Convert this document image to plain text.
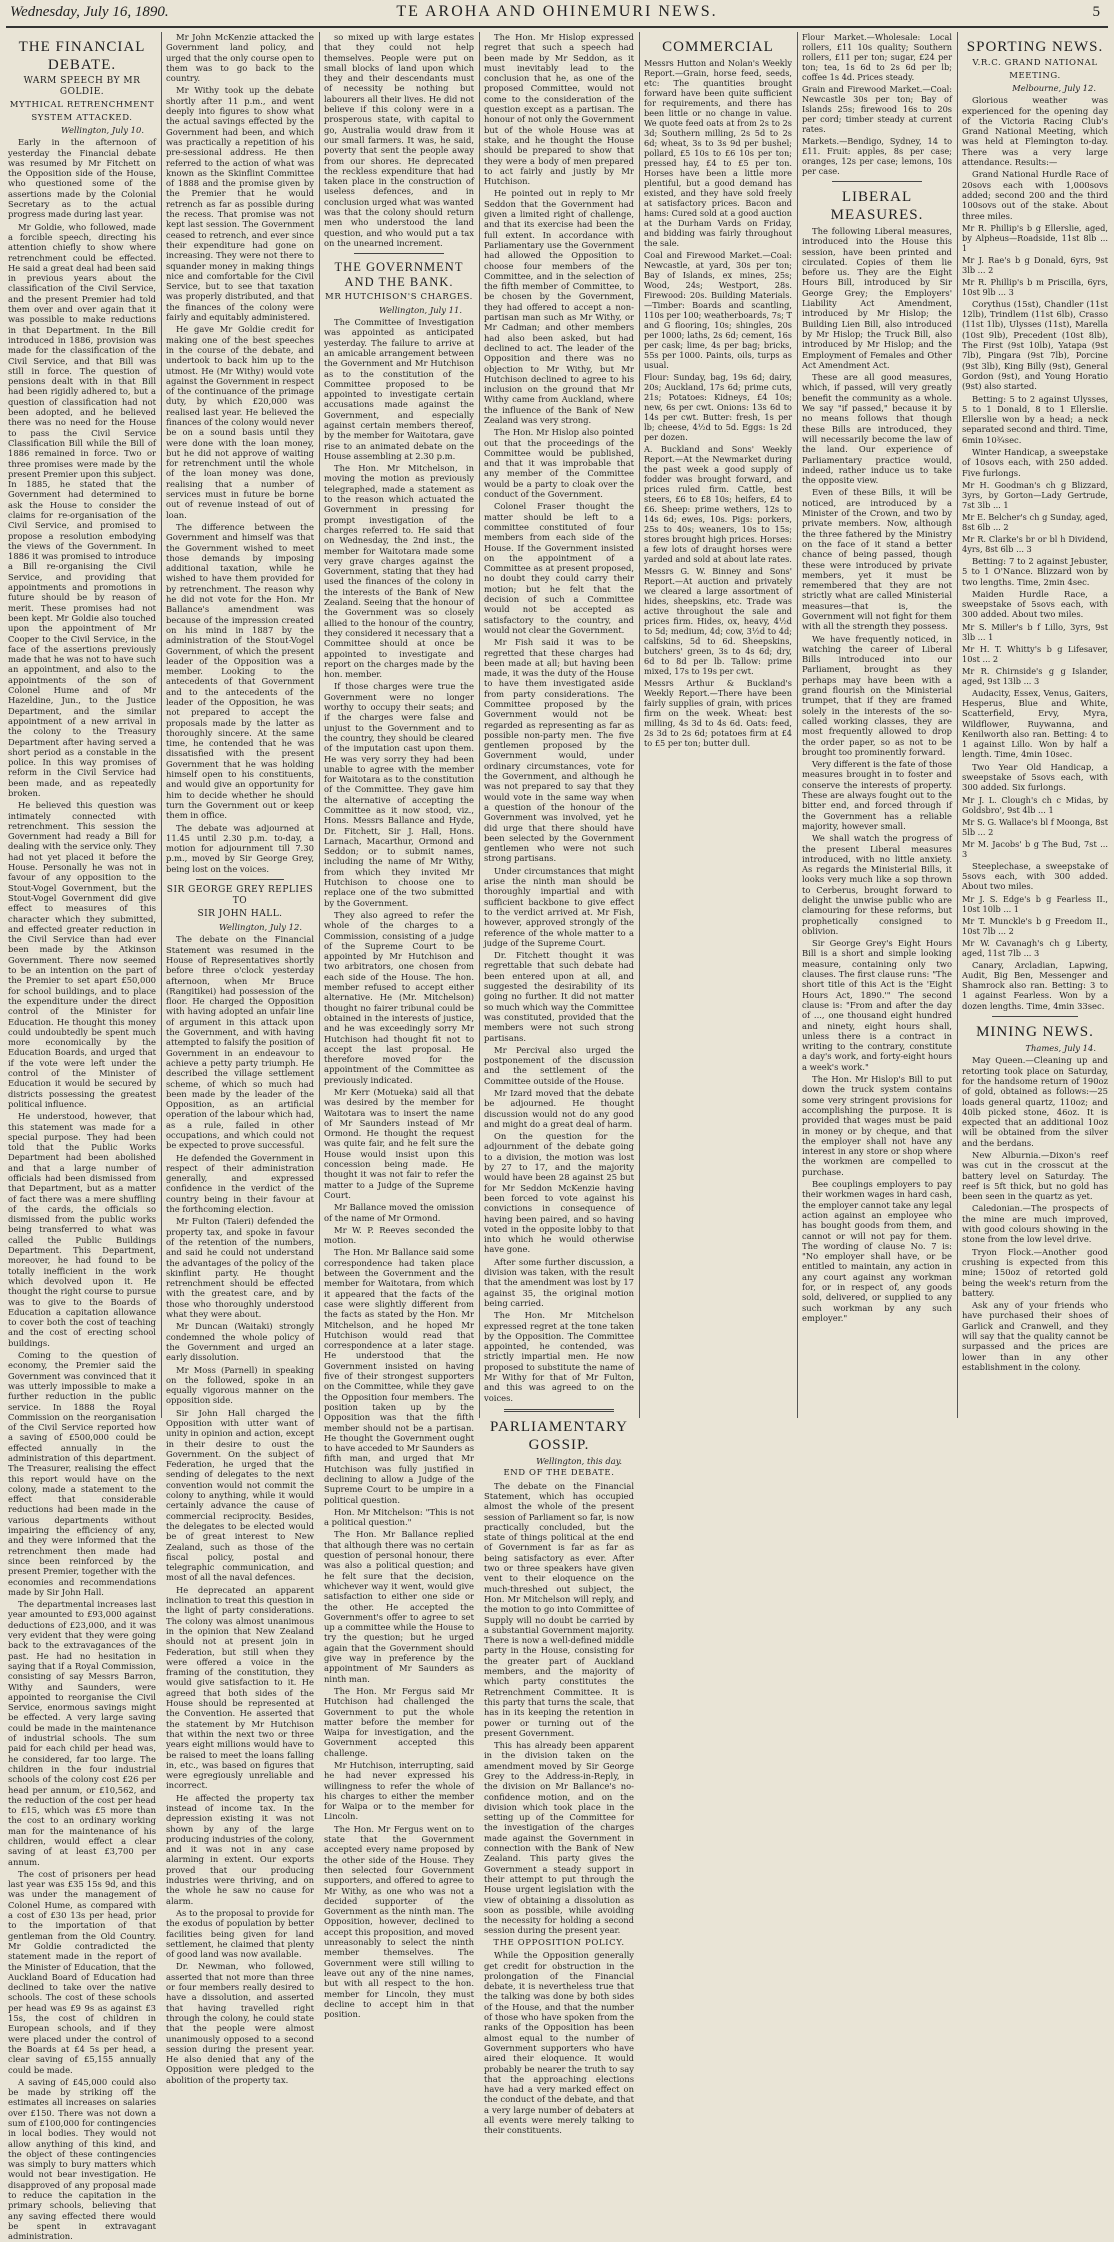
Wednesday, July 16, 1890.	TE AROHA AND OHINEMURI NEWS.	5
THE FINANCIAL DEBATE.
WARM SPEECH BY MR GOLDIE.
MYTHICAL RETRENCHMENT
SYSTEM ATTACKED.
Wellington, July 10.

Early in the afternoon of yesterday the Financial debate was resumed by Mr Fitchett on the Opposition side of the House, who questioned some of the assertions made by the Colonial Secretary as to the actual progress made during last year.

Mr Goldie, who followed, made a forcible speech, directing his attention chiefly to show where retrenchment could be effected. He said a great deal had been said in previous years about the classification of the Civil Service, and the present Premier had told them over and over again that it was possible to make reductions in that Department. In the Bill introduced in 1886, provision was made for the classification of the Civil Service, and that Bill was still in force. The question of pensions dealt with in that Bill had been rigidly adhered to, but a question of classification had not been adopted, and he believed there was no need for the House to pass the Civil Service Classification Bill while the Bill of 1886 remained in force. Two or three promises were made by the present Premier upon this subject. In 1885, he stated that the Government had determined to ask the House to consider the claims for re-organisation of the Civil Service, and promised to propose a resolution embodying the views of the Government. In 1886 it was promised to introduce a Bill re-organising the Civil Service, and providing that appointments and promotions in future should be by reason of merit. These promises had not been kept. Mr Goldie also touched upon the appointment of Mr Cooper to the Civil Service, in the face of the assertions previously made that he was not to have such an appointment, and also to the appointments of the son of Colonel Hume and of Mr Hazeldine, Jun., to the Justice Department, and the similar appointment of a new arrival in the colony to the Treasury Department after having served a short period as a constable in the police. In this way promises of reform in the Civil Service had been made, and as repeatedly broken.

He believed this question was intimately connected with retrenchment. This session the Government had ready a Bill for dealing with the service only. They had not yet placed it before the House. Personally he was not in favour of any opposition to the Stout-Vogel Government, but the Stout-Vogel Government did give effect to measures of this character which they submitted, and effected greater reduction in the Civil Service than had ever been made by the Atkinson Government. There now seemed to be an intention on the part of the Premier to set apart £50,000 for school buildings, and to place the expenditure under the direct control of the Minister for Education. He thought this money could undoubtedly be spent much more economically by the Education Boards, and urged that if the vote were left under the control of the Minister of Education it would be secured by districts possessing the greatest political influence.

He understood, however, that this statement was made for a special purpose. They had been told that the Public Works Department had been abolished and that a large number of officials had been dismissed from that Department, but as a matter of fact there was a mere shuffling of the cards, the officials so dismissed from the public works being transferred to what was called the Public Buildings Department. This Department, moreover, he had found to be totally inefficient in the work which devolved upon it. He thought the right course to pursue was to give to the Boards of Education a capitation allowance to cover both the cost of teaching and the cost of erecting school buildings.

Coming to the question of economy, the Premier said the Government was convinced that it was utterly impossible to make a further reduction in the public service. In 1888 the Royal Commission on the reorganisation of the Civil Service reported how a saving of £500,000 could be effected annually in the administration of this department. The Treasurer, realising the effect this report would have on the colony, made a statement to the effect that considerable reductions had been made in the various departments without impairing the efficiency of any, and they were informed that the retrenchment then made had since been reinforced by the present Premier, together with the economies and recommendations made by Sir John Hall.

The departmental increases last year amounted to £93,000 against deductions of £23,000, and it was very evident that they were going back to the extravagances of the past. He had no hesitation in saying that if a Royal Commission, consisting of say Messrs Barron, Withy and Saunders, were appointed to reorganise the Civil Service, enormous savings might be effected. A very large saving could be made in the maintenance of industrial schools. The sum paid for each child per head was, he considered, far too large. The children in the four industrial schools of the colony cost £26 per head per annum, or £10,562, and the reduction of the cost per head to £15, which was £5 more than the cost to an ordinary working man for the maintenance of his children, would effect a clear saving of at least £3,700 per annum.

The cost of prisoners per head last year was £35 15s 9d, and this was under the management of Colonel Hume, as compared with a cost of £30 13s per head, prior to the importation of that gentleman from the Old Country. Mr Goldie contradicted the statement made in the report of the Minister of Education, that the Auckland Board of Education had declined to take over the native schools. The cost of these schools per head was £9 9s as against £3 15s, the cost of children in European schools, and if they were placed under the control of the Boards at £4 5s per head, a clear saving of £5,155 annually could be made.

A saving of £45,000 could also be made by striking off the estimates all increases on salaries over £150. There was not down a sum of £100,000 for contingencies in local bodies. They would not allow anything of this kind, and the object of these contingencies was simply to bury matters which would not bear investigation. He disapproved of any proposal made to reduce the capitation in the primary schools, believing that any saving effected there would be spent in extravagant administration.

Mr John McKenzie attacked the Government land policy, and urged that the only course open to them was to go back to the country.

Mr Withy took up the debate shortly after 11 p.m., and went deeply into figures to show what the actual savings effected by the Government had been, and which was practically a repetition of his pre-sessional address. He then referred to the action of what was known as the Skinflint Committee of 1888 and the promise given by the Premier that he would retrench as far as possible during the recess. That promise was not kept last session. The Government ceased to retrench, and ever since their expenditure had gone on increasing. They were not there to squander money in making things nice and comfortable for the Civil Service, but to see that taxation was properly distributed, and that the finances of the colony were fairly and equitably administered.

He gave Mr Goldie credit for making one of the best speeches in the course of the debate, and undertook to back him up to the utmost. He (Mr Withy) would vote against the Government in respect of the continuance of the primage duty, by which £20,000 was realised last year. He believed the finances of the colony would never be on a sound basis until they were done with the loan money, but he did not approve of waiting for retrenchment until the whole of the loan money was done, realising that a number of services must in future be borne out of revenue instead of out of loan.

The difference between the Government and himself was that the Government wished to meet those demands by imposing additional taxation, while he wished to have them provided for by retrenchment. The reason why he did not vote for the Hon. Mr Ballance's amendment was because of the impression created on his mind in 1887 by the administration of the Stout-Vogel Government, of which the present leader of the Opposition was a member. Looking to the antecedents of that Government and to the antecedents of the leader of the Opposition, he was not prepared to accept the proposals made by the latter as thoroughly sincere. At the same time, he contended that he was dissatisfied with the present Government that he was holding himself open to his constituents, and would give an opportunity for him to decide whether he should turn the Government out or keep them in office.

The debate was adjourned at 11.45 until 2.30 p.m. to-day, a motion for adjournment till 7.30 p.m., moved by Sir George Grey, being lost on the voices.

SIR GEORGE GREY REPLIES TO
SIR JOHN HALL.
Wellington, July 12.

The debate on the Financial Statement was resumed in the House of Representatives shortly before three o'clock yesterday afternoon, when Mr Bruce (Rangitikei) had possession of the floor. He charged the Opposition with having adopted an unfair line of argument in this attack upon the Government, and with having attempted to falsify the position of Government in an endeavour to achieve a petty party triumph. He described the village settlement scheme, of which so much had been made by the leader of the Opposition, as an artificial operation of the labour which had, as a rule, failed in other occupations, and which could not be expected to prove successful.

He defended the Government in respect of their administration generally, and expressed confidence in the verdict of the country being in their favour at the forthcoming election.

Mr Fulton (Taieri) defended the property tax, and spoke in favour of the retention of the numbers, and said he could not understand the advantages of the policy of the skinflint party. He thought retrenchment should be effected with the greatest care, and by those who thoroughly understood what they were about.

Mr Duncan (Waitaki) strongly condemned the whole policy of the Government and urged an early dissolution.

Mr Moss (Parnell) in speaking on the followed, spoke in an equally vigorous manner on the opposition side.

Sir John Hall charged the Opposition with utter want of unity in opinion and action, except in their desire to oust the Government. On the subject of Federation, he urged that the sending of delegates to the next convention would not commit the colony to anything, while it would certainly advance the cause of commercial reciprocity. Besides, the delegates to be elected would be of great interest to New Zealand, such as those of the fiscal policy, postal and telegraphic communication, and most of all the naval defences.

He deprecated an apparent inclination to treat this question in the light of party considerations. The colony was almost unanimous in the opinion that New Zealand should not at present join in Federation, but still when they were offered a voice in the framing of the constitution, they would give satisfaction to it. He agreed that both sides of the House should be represented at the Convention. He asserted that the statement by Mr Hutchison that within the next two or three years eight millions would have to be raised to meet the loans falling in, etc., was based on figures that were egregiously unreliable and incorrect.

He affected the property tax instead of income tax. In the depression existing it was not shown by any of the large producing industries of the colony, and it was not in any case alarming in extent. Our exports proved that our producing industries were thriving, and on the whole he saw no cause for alarm.

As to the proposal to provide for the exodus of population by better facilities being given for land settlement, he claimed that plenty of good land was now available.

Dr. Newman, who followed, asserted that not more than three or four members really desired to have a dissolution, and asserted that having travelled right through the colony, he could state that the people were almost unanimously opposed to a second session during the present year. He also denied that any of the Opposition were pledged to the abolition of the property tax.

so mixed up with large estates that they could not help themselves. People were put on small blocks of land upon which they and their descendants must of necessity be nothing but labourers all their lives. He did not believe if this colony were in a prosperous state, with capital to go, Australia would draw from it our small farmers. It was, he said, poverty that sent the people away from our shores. He deprecated the reckless expenditure that had taken place in the construction of useless defences, and in conclusion urged what was wanted was that the colony should return men who understood the land question, and who would put a tax on the unearned increment.

THE GOVERNMENT AND THE BANK.
MR HUTCHISON'S CHARGES.
Wellington, July 11.

The Committee of Investigation was appointed as anticipated yesterday. The failure to arrive at an amicable arrangement between the Government and Mr Hutchison as to the constitution of the Committee proposed to be appointed to investigate certain accusations made against the Government, and especially against certain members thereof, by the member for Waitotara, gave rise to an animated debate on the House assembling at 2.30 p.m.

The Hon. Mr Mitchelson, in moving the motion as previously telegraphed, made a statement as to the reason which actuated the Government in pressing for prompt investigation of the charges referred to. He said that on Wednesday, the 2nd inst., the member for Waitotara made some very grave charges against the Government, stating that they had used the finances of the colony in the interests of the Bank of New Zealand. Seeing that the honour of the Government was so closely allied to the honour of the country, they considered it necessary that a Committee should at once be appointed to investigate and report on the charges made by the hon. member.

If those charges were true the Government were no longer worthy to occupy their seats; and if the charges were false and unjust to the Government and to the country, they should be cleared of the imputation cast upon them. He was very sorry they had been unable to agree with the member for Waitotara as to the constitution of the Committee. They gave him the alternative of accepting the Committee as it now stood, viz., Hons. Messrs Ballance and Hyde, Dr. Fitchett, Sir J. Hall, Hons. Larnach, Macarthur, Ormond and Seddon; or to submit names, including the name of Mr Withy, from which they invited Mr Hutchison to choose one to replace one of the two submitted by the Government.

They also agreed to refer the whole of the charges to a Commission, consisting of a judge of the Supreme Court to be appointed by Mr Hutchison and two arbitrators, one chosen from each side of the House. The hon. member refused to accept either alternative. He (Mr. Mitchelson) thought no fairer tribunal could be obtained in the interests of justice, and he was exceedingly sorry Mr Hutchison had thought fit not to accept the last proposal. He therefore moved for the appointment of the Committee as previously indicated.

Mr Kerr (Motueka) said all that was desired by the member for Waitotara was to insert the name of Mr Saunders instead of Mr Ormond. He thought the request was quite fair, and he felt sure the House would insist upon this concession being made. He thought it was not fair to refer the matter to a Judge of the Supreme Court.

Mr Ballance moved the omission of the name of Mr Ormond.

Mr W. P. Reeves seconded the motion.

The Hon. Mr Ballance said some correspondence had taken place between the Government and the member for Waitotara, from which it appeared that the facts of the case were slightly different from the facts as stated by the Hon. Mr Mitchelson, and he hoped Mr Hutchison would read that correspondence at a later stage. He understood that the Government insisted on having five of their strongest supporters on the Committee, while they gave the Opposition four members. The position taken up by the Opposition was that the fifth member should not be a partisan. He thought the Government ought to have acceded to Mr Saunders as fifth man, and urged that Mr Hutchison was fully justified in declining to allow a Judge of the Supreme Court to be umpire in a political question.

Hon. Mr Mitchelson: "This is not a political question."

The Hon. Mr Ballance replied that although there was no certain question of personal honour, there was also a political question; and he felt sure that the decision, whichever way it went, would give satisfaction to either one side or the other. He accepted the Government's offer to agree to set up a committee while the House to try the question; but he urged again that the Government should give way in preference by the appointment of Mr Saunders as ninth man.

The Hon. Mr Fergus said Mr Hutchison had challenged the Government to put the whole matter before the member for Waipa for investigation, and the Government accepted this challenge.

Mr Hutchison, interrupting, said he had never expressed his willingness to refer the whole of his charges to either the member for Waipa or to the member for Lincoln.

The Hon. Mr Fergus went on to state that the Government accepted every name proposed by the other side of the House. They then selected four Government supporters, and offered to agree to Mr Withy, as one who was not a decided supporter of the Government as the ninth man. The Opposition, however, declined to accept this proposition, and moved unreasonably to select the ninth member themselves. The Government were still willing to leave out any of the nine names, but with all respect to the hon. member for Lincoln, they must decline to accept him in that position.

The Hon. Mr Hislop expressed regret that such a speech had been made by Mr Seddon, as it must inevitably lead to the conclusion that he, as one of the proposed Committee, would not come to the consideration of the question except as a partisan. The honour of not only the Government but of the whole House was at stake, and he thought the House should be prepared to show that they were a body of men prepared to act fairly and justly by Mr Hutchison.

He pointed out in reply to Mr Seddon that the Government had given a limited right of challenge, and that its exercise had been the full extent. In accordance with Parliamentary use the Government had allowed the Opposition to choose four members of the Committee, and in the selection of the fifth member of Committee, to be chosen by the Government, they had offered to accept a non-partisan man such as Mr Withy, or Mr Cadman; and other members had also been asked, but had declined to act. The leader of the Opposition and there was no objection to Mr Withy, but Mr Hutchison declined to agree to his inclusion on the ground that Mr Withy came from Auckland, where the influence of the Bank of New Zealand was very strong.

The Hon. Mr Hislop also pointed out that the proceedings of the Committee would be published, and that it was improbable that any member of the Committee would be a party to cloak over the conduct of the Government.

Colonel Fraser thought the matter should be left to a committee constituted of four members from each side of the House. If the Government insisted on the appointment of a Committee as at present proposed, no doubt they could carry their motion; but he felt that the decision of such a Committee would not be accepted as satisfactory to the country, and would not clear the Government.

Mr Fish said it was to be regretted that these charges had been made at all; but having been made, it was the duty of the House to have them investigated aside from party considerations. The Committee proposed by the Government would not be regarded as representing as far as possible non-party men. The five gentlemen proposed by the Government would, under ordinary circumstances, vote for the Government, and although he was not prepared to say that they would vote in the same way when a question of the honour of the Government was involved, yet he did urge that there should have been selected by the Government gentlemen who were not such strong partisans.

Under circumstances that might arise the ninth man should be thoroughly impartial and with sufficient backbone to give effect to the verdict arrived at. Mr Fish, however, approved strongly of the reference of the whole matter to a judge of the Supreme Court.

Dr. Fitchett thought it was regrettable that such debate had been entered upon at all, and suggested the desirability of its going no further. It did not matter so much which way the Committee was constituted, provided that the members were not such strong partisans.

Mr Percival also urged the postponement of the discussion and the settlement of the Committee outside of the House.

Mr Izard moved that the debate be adjourned. He thought discussion would not do any good and might do a great deal of harm.

On the question for the adjournment of the debate going to a division, the motion was lost by 27 to 17, and the majority would have been 28 against 25 but for Mr Seddon McKenzie having been forced to vote against his convictions in consequence of having been paired, and so having voted in the opposite lobby to that into which he would otherwise have gone.

After some further discussion, a division was taken, with the result that the amendment was lost by 17 against 35, the original motion being carried.

The Hon. Mr Mitchelson expressed regret at the tone taken by the Opposition. The Committee appointed, he contended, was strictly impartial men. He now proposed to substitute the name of Mr Withy for that of Mr Fulton, and this was agreed to on the voices.

PARLIAMENTARY GOSSIP.
Wellington, this day.
END OF THE DEBATE.

The debate on the Financial Statement, which has occupied almost the whole of the present session of Parliament so far, is now practically concluded, but the state of things political at the end of Government is far as far as being satisfactory as ever. After two or three speakers have given vent to their eloquence on the much-threshed out subject, the Hon. Mr Mitchelson will reply, and the motion to go into Committee of Supply will no doubt be carried by a substantial Government majority. There is now a well-defined middle party in the House, consisting for the greater part of Auckland members, and the majority of which party constitutes the Retrenchment Committee. It is this party that turns the scale, that has in its keeping the retention in power or turning out of the present Government.

This has already been apparent in the division taken on the amendment moved by Sir George Grey to the Address-in-Reply, in the division on Mr Ballance's no-confidence motion, and on the division which took place in the setting up of the Committee for the investigation of the charges made against the Government in connection with the Bank of New Zealand. This party gives the Government a steady support in their attempt to put through the House urgent legislation with the view of obtaining a dissolution as soon as possible, while avoiding the necessity for holding a second session during the present year.

THE OPPOSITION POLICY.

While the Opposition generally get credit for obstruction in the prolongation of the Financial debate, it is nevertheless true that the talking was done by both sides of the House, and that the number of those who have spoken from the ranks of the Opposition has been almost equal to the number of Government supporters who have aired their eloquence. It would probably be nearer the truth to say that the approaching elections have had a very marked effect on the conduct of the debate, and that a very large number of debaters at all events were merely talking to their constituents.

COMMERCIAL

Messrs Hutton and Nolan's Weekly Report.—Grain, horse feed, seeds, etc: The quantities brought forward have been quite sufficient for requirements, and there has been little or no change in value. We quote feed oats at from 2s to 2s 3d; Southern milling, 2s 5d to 2s 6d; wheat, 3s to 3s 9d per bushel; pollard, £5 10s to £6 10s per ton; pressed hay, £4 to £5 per ton. Horses have been a little more plentiful, but a good demand has existed, and they have sold freely at satisfactory prices. Bacon and hams: Cured sold at a good auction at the Durham Vards on Friday, and bidding was fairly throughout the sale.

Coal and Firewood Market.—Coal: Newcastle, at yard, 30s per ton; Bay of Islands, ex mines, 25s; Wood, 24s; Westport, 28s. Firewood: 20s. Building Materials.—Timber: Boards and scantling, 110s per 100; weatherboards, 7s; T and G flooring, 10s; shingles, 20s per 1000; laths, 2s 6d; cement, 16s per cask; lime, 4s per bag; bricks, 55s per 1000. Paints, oils, turps as usual.

Flour: Sunday, bag, 19s 6d; dairy, 20s; Auckland, 17s 6d; prime cuts, 21s; Potatoes: Kidneys, £4 10s; new, 6s per cwt. Onions: 13s 6d to 14s per cwt. Butter: fresh, 1s per lb; cheese, 4½d to 5d. Eggs: 1s 2d per dozen.

A. Buckland and Sons' Weekly Report.—At the Newmarket during the past week a good supply of fodder was brought forward, and prices ruled firm. Cattle, best steers, £6 to £8 10s; heifers, £4 to £6. Sheep: prime wethers, 12s to 14s 6d; ewes, 10s. Pigs: porkers, 25s to 40s; weaners, 10s to 15s; stores brought high prices. Horses: a few lots of draught horses were yarded and sold at about late rates.

Messrs G. W. Binney and Sons' Report.—At auction and privately we cleared a large assortment of hides, sheepskins, etc. Trade was active throughout the sale and prices firm. Hides, ox, heavy, 4½d to 5d; medium, 4d; cow, 3½d to 4d; calfskins, 5d to 6d. Sheepskins, butchers' green, 3s to 4s 6d; dry, 6d to 8d per lb. Tallow: prime mixed, 17s to 19s per cwt.

Messrs Arthur & Buckland's Weekly Report.—There have been fairly supplies of grain, with prices firm on the week. Wheat: best milling, 4s 3d to 4s 6d. Oats: feed, 2s 3d to 2s 6d; potatoes firm at £4 to £5 per ton; butter dull.

Flour Market.—Wholesale: Local rollers, £11 10s quality; Southern rollers, £11 per ton; sugar, £24 per ton; tea, 1s 6d to 2s 6d per lb; coffee 1s 4d. Prices steady.

Grain and Firewood Market.—Coal: Newcastle 30s per ton; Bay of Islands 25s; firewood 16s to 20s per cord; timber steady at current rates.

Markets.—Bendigo, Sydney, 14 to £11. Fruit: apples, 8s per case; oranges, 12s per case; lemons, 10s per case.

LIBERAL MEASURES.

The following Liberal measures, introduced into the House this session, have been printed and circulated. Copies of them lie before us. They are the Eight Hours Bill, introduced by Sir George Grey; the Employers' Liability Act Amendment, introduced by Mr Hislop; the Building Lien Bill, also introduced by Mr Hislop; the Truck Bill, also introduced by Mr Hislop; and the Employment of Females and Other Act Amendment Act.

These are all good measures, which, if passed, will very greatly benefit the community as a whole. We say "if passed," because it by no means follows that though these Bills are introduced, they will necessarily become the law of the land. Our experience of Parliamentary practice would, indeed, rather induce us to take the opposite view.

Even of these Bills, it will be noticed, are introduced by a Minister of the Crown, and two by private members. Now, although the three fathered by the Ministry on the face of it stand a better chance of being passed, though these were introduced by private members, yet it must be remembered that they are not strictly what are called Ministerial measures—that is, the Government will not fight for them with all the strength they possess.

We have frequently noticed, in watching the career of Liberal Bills introduced into our Parliament, brought as they perhaps may have been with a grand flourish on the Ministerial trumpet, that if they are framed solely in the interests of the so-called working classes, they are most frequently allowed to drop the order paper, so as not to be brought too prominently forward.

Very different is the fate of those measures brought in to foster and conserve the interests of property. These are always fought out to the bitter end, and forced through if the Government has a reliable majority, however small.

We shall watch the progress of the present Liberal measures introduced, with no little anxiety. As regards the Ministerial Bills, it looks very much like a sop thrown to Cerberus, brought forward to delight the unwise public who are clamouring for these reforms, but prophetically consigned to oblivion.

Sir George Grey's Eight Hours Bill is a short and simple looking measure, containing only two clauses. The first clause runs: "The short title of this Act is the 'Eight Hours Act, 1890.'" The second clause is: "From and after the day of ..., one thousand eight hundred and ninety, eight hours shall, unless there is a contract in writing to the contrary, constitute a day's work, and forty-eight hours a week's work."

The Hon. Mr Hislop's Bill to put down the truck system contains some very stringent provisions for accomplishing the purpose. It is provided that wages must be paid in money or by cheque, and that the employer shall not have any interest in any store or shop where the workmen are compelled to purchase.

Bee couplings employers to pay their workmen wages in hard cash, the employer cannot take any legal action against an employee who has bought goods from them, and cannot or will not pay for them. The wording of clause No. 7 is: "No employer shall have, or be entitled to maintain, any action in any court against any workman for, or in respect of, any goods sold, delivered, or supplied to any such workman by any such employer."

SPORTING NEWS.
V.R.C. GRAND NATIONAL
MEETING.
Melbourne, July 12.

Glorious weather was experienced for the opening day of the Victoria Racing Club's Grand National Meeting, which was held at Flemington to-day. There was a very large attendance. Results:—

Grand National Hurdle Race of 20sovs each with 1,000sovs added; second 200 and the third 100sovs out of the stake. About three miles.

Mr R. Phillip's b g Ellerslie, aged, by Alpheus—Roadside, 11st 8lb ... 1

Mr J. Rae's b g Donald, 6yrs, 9st 3lb ... 2

Mr R. Phillip's b m Priscilla, 6yrs, 10st 9lb ... 3

Corythus (15st), Chandler (11st 12lb), Trindlem (11st 6lb), Crasso (11st 1lb), Ulysses (11st), Marella (10st 9lb), Precedent (10st 8lb), The First (9st 10lb), Yatapa (9st 7lb), Pingara (9st 7lb), Porcine (9st 3lb), King Billy (9st), General Gordon (9st), and Young Horatio (9st) also started.

Betting: 5 to 2 against Ulysses, 5 to 1 Donald, 8 to 1 Ellerslie. Ellerslie won by a head; a neck separated second and third. Time, 6min 10¾sec.

Winter Handicap, a sweepstake of 10sovs each, with 250 added. Five furlongs.

Mr H. Goodman's ch g Blizzard, 3yrs, by Gorton—Lady Gertrude, 7st 3lb ... 1

Mr E. Belcher's ch g Sunday, aged, 8st 6lb ... 2

Mr R. Clarke's br or bl h Dividend, 4yrs, 8st 6lb ... 3

Betting: 7 to 2 against Jebuster, 5 to 1 O'Nance. Blizzard won by two lengths. Time, 2min 4sec.

Maiden Hurdle Race, a sweepstake of 5sovs each, with 300 added. About two miles.

Mr S. Miller's b f Lillo, 3yrs, 9st 3lb ... 1

Mr H. T. Whitty's b g Lifesaver, 10st ... 2

Mr R. Chirnside's g g Islander, aged, 9st 13lb ... 3

Audacity, Essex, Venus, Gaiters, Hesperus, Blue and White, Scatterfield, Ervy, Myra, Wildflower, Ruywanna, and Kenilworth also ran. Betting: 4 to 1 against Lillo. Won by half a length. Time, 4min 10sec.

Two Year Old Handicap, a sweepstake of 5sovs each, with 300 added. Six furlongs.

Mr J. L. Clough's ch c Midas, by Goldsbro', 9st 4lb ... 1

Mr S. G. Wallace's bl f Moonga, 8st 5lb ... 2

Mr M. Jacobs' b g The Bud, 7st ... 3

Steeplechase, a sweepstake of 5sovs each, with 300 added. About two miles.

Mr J. S. Edge's b g Fearless II., 10st 10lb ... 1

Mr T. Munckle's b g Freedom II., 10st 7lb ... 2

Mr W. Cavanagh's ch g Liberty, aged, 11st 7lb ... 3

Canary, Arcladian, Lapwing, Audit, Big Ben, Messenger and Shamrock also ran. Betting: 3 to 1 against Fearless. Won by a dozen lengths. Time, 4min 33sec.

MINING NEWS.
Thames, July 14.

May Queen.—Cleaning up and retorting took place on Saturday, for the handsome return of 190oz of gold, obtained as follows:—25 loads general quartz, 110oz; and 40lb picked stone, 46oz. It is expected that an additional 10oz will be obtained from the silver and the berdans.

New Alburnia.—Dixon's reef was cut in the crosscut at the battery level on Saturday. The reef is 5ft thick, but no gold has been seen in the quartz as yet.

Caledonian.—The prospects of the mine are much improved, with good colours showing in the stone from the low level drive.

Tryon Flock.—Another good crushing is expected from this mine; 150oz of retorted gold being the week's return from the battery.

Ask any of your friends who have purchased their shoes of Garlick and Cranwell, and they will say that the quality cannot be surpassed and the prices are lower than in any other establishment in the colony.
